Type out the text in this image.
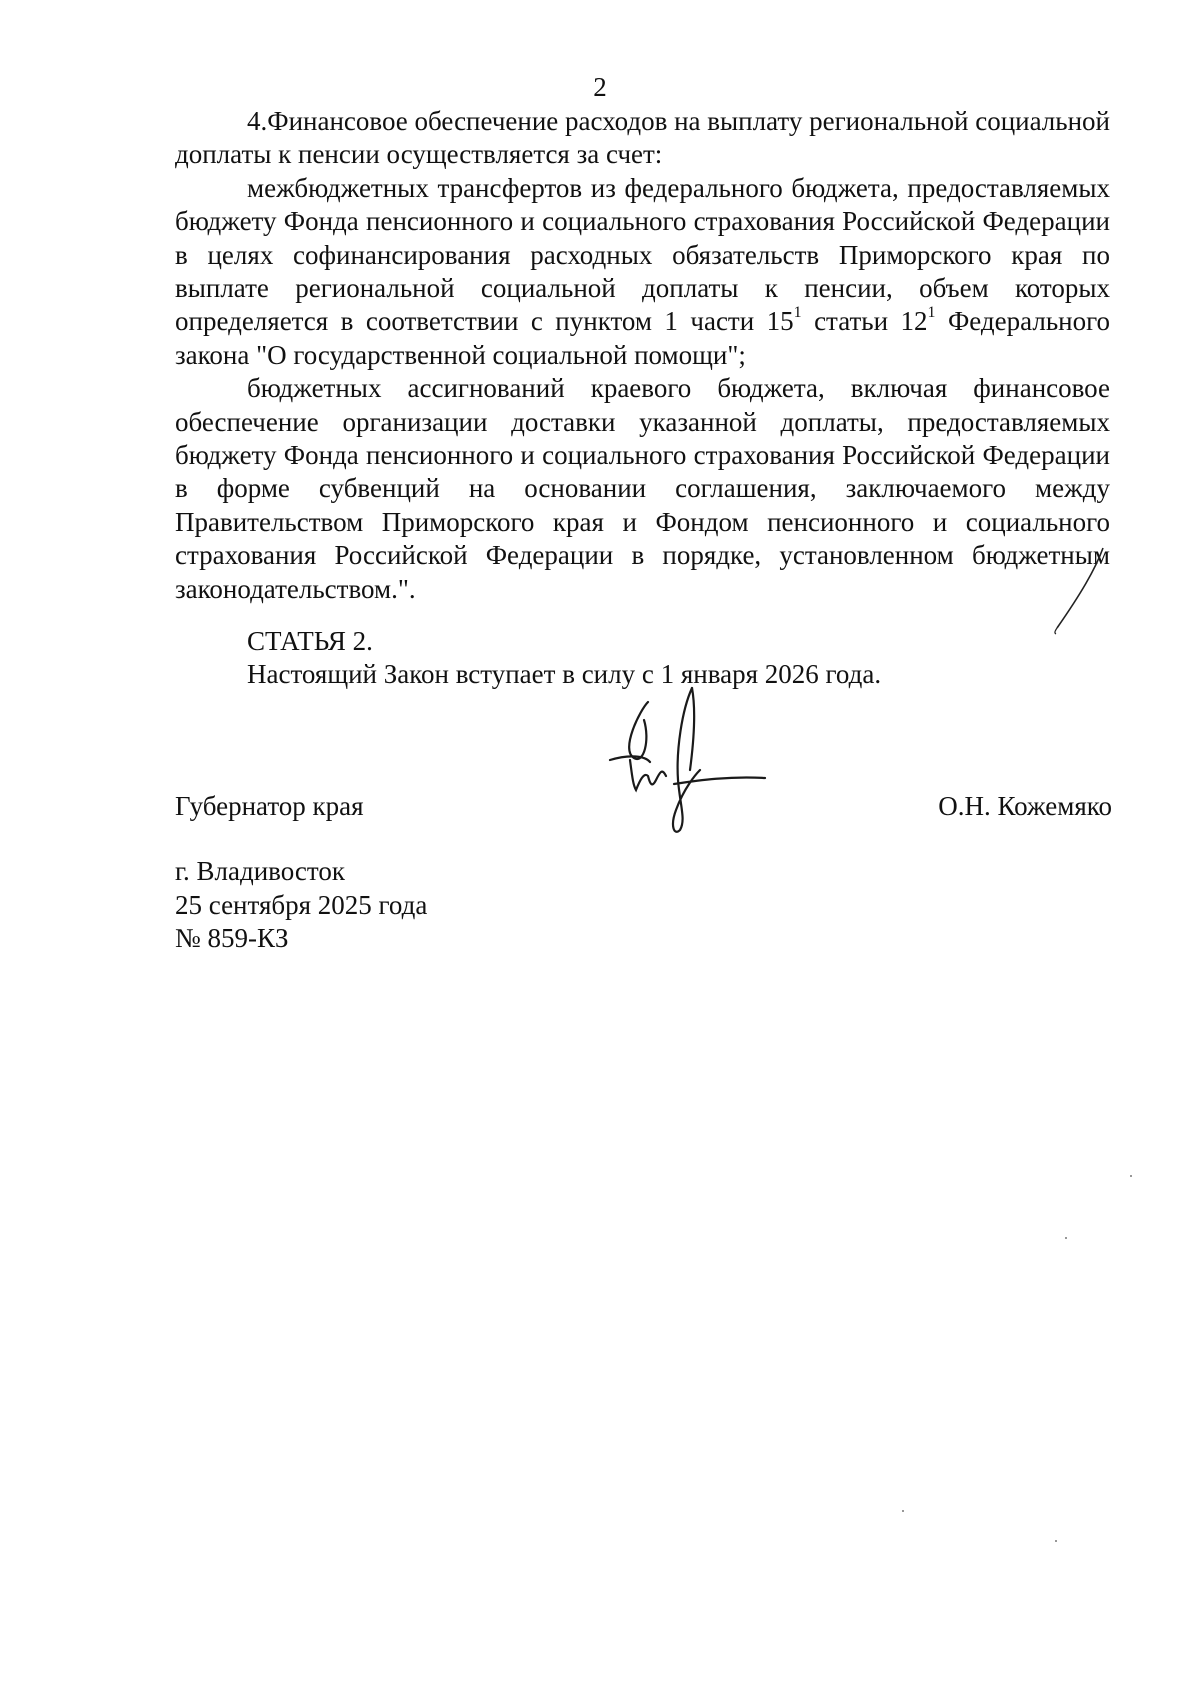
2

4.Финансовое обеспечение расходов на выплату региональной социальной доплаты к пенсии осуществляется за счет:

межбюджетных трансфертов из федерального бюджета, предоставляемых бюджету Фонда пенсионного и социального страхования Российской Федерации в целях софинансирования расходных обязательств Приморского края по выплате региональной социальной доплаты к пенсии, объем которых определяется в соответствии с пунктом 1 части $15^1$ статьи $12^1$ Федерального закона "О государственной социальной помощи";

бюджетных ассигнований краевого бюджета, включая финансовое обеспечение организации доставки указанной доплаты, предоставляемых бюджету Фонда пенсионного и социального страхования Российской Федерации в форме субвенций на основании соглашения, заключаемого между Правительством Приморского края и Фондом пенсионного и социального страхования Российской Федерации в порядке, установленном бюджетным законодательством.".

СТАТЬЯ 2.
Настоящий Закон вступает в силу с 1 января 2026 года.
Губернатор края	О.Н. Кожемяко
г. Владивосток
25 сентября 2025 года
№ 859-КЗ
